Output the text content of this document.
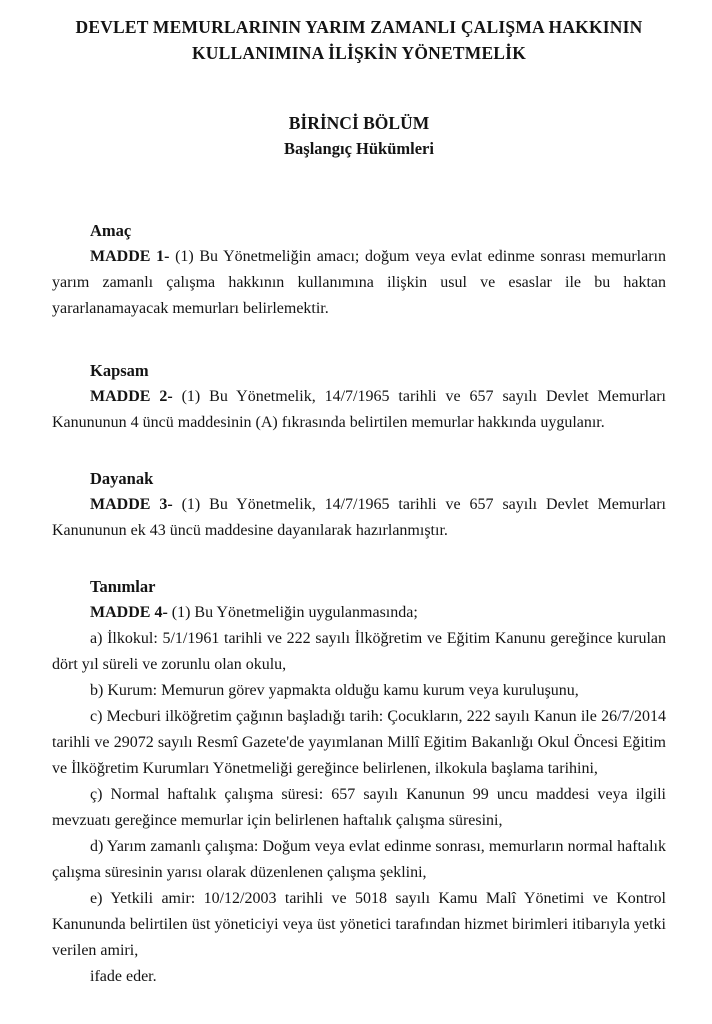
DEVLET MEMURLARININ YARIM ZAMANLI ÇALIŞMA HAKKININ
KULLANIMINA İLİŞKİN YÖNETMELİK
BİRİNCİ BÖLÜM
Başlangıç Hükümleri
Amaç

MADDE 1- (1) Bu Yönetmeliğin amacı; doğum veya evlat edinme sonrası memurların yarım zamanlı çalışma hakkının kullanımına ilişkin usul ve esaslar ile bu haktan yararlanamayacak memurları belirlemektir.

Kapsam

MADDE 2- (1) Bu Yönetmelik, 14/7/1965 tarihli ve 657 sayılı Devlet Memurları Kanununun 4 üncü maddesinin (A) fıkrasında belirtilen memurlar hakkında uygulanır.

Dayanak

MADDE 3- (1) Bu Yönetmelik, 14/7/1965 tarihli ve 657 sayılı Devlet Memurları Kanununun ek 43 üncü maddesine dayanılarak hazırlanmıştır.

Tanımlar

MADDE 4- (1) Bu Yönetmeliğin uygulanmasında;

a) İlkokul: 5/1/1961 tarihli ve 222 sayılı İlköğretim ve Eğitim Kanunu gereğince kurulan dört yıl süreli ve zorunlu olan okulu,

b) Kurum: Memurun görev yapmakta olduğu kamu kurum veya kuruluşunu,

c) Mecburi ilköğretim çağının başladığı tarih: Çocukların, 222 sayılı Kanun ile 26/7/2014 tarihli ve 29072 sayılı Resmî Gazete'de yayımlanan Millî Eğitim Bakanlığı Okul Öncesi Eğitim ve İlköğretim Kurumları Yönetmeliği gereğince belirlenen, ilkokula başlama tarihini,

ç) Normal haftalık çalışma süresi: 657 sayılı Kanunun 99 uncu maddesi veya ilgili mevzuatı gereğince memurlar için belirlenen haftalık çalışma süresini,

d) Yarım zamanlı çalışma: Doğum veya evlat edinme sonrası, memurların normal haftalık çalışma süresinin yarısı olarak düzenlenen çalışma şeklini,

e) Yetkili amir: 10/12/2003 tarihli ve 5018 sayılı Kamu Malî Yönetimi ve Kontrol Kanununda belirtilen üst yöneticiyi veya üst yönetici tarafından hizmet birimleri itibarıyla yetki verilen amiri,

ifade eder.
